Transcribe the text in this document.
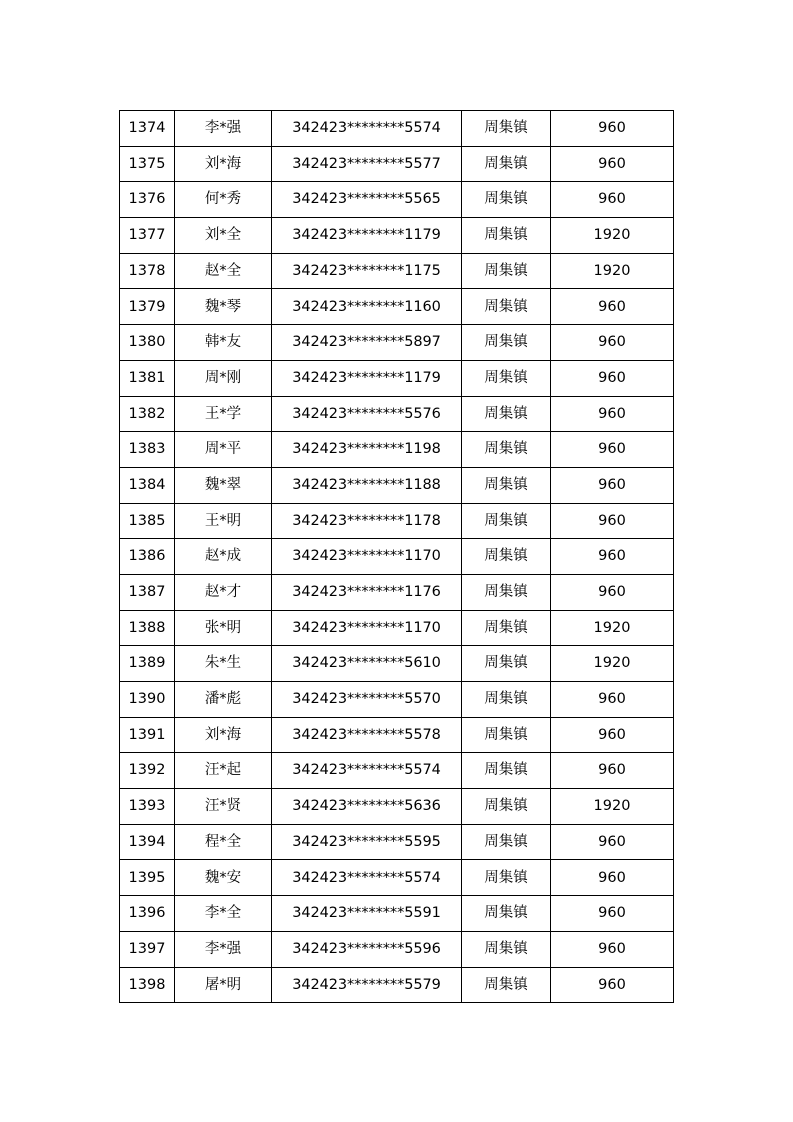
1374	李*强	342423********5574	周集镇	960
1375	刘*海	342423********5577	周集镇	960
1376	何*秀	342423********5565	周集镇	960
1377	刘*全	342423********1179	周集镇	1920
1378	赵*全	342423********1175	周集镇	1920
1379	魏*琴	342423********1160	周集镇	960
1380	韩*友	342423********5897	周集镇	960
1381	周*刚	342423********1179	周集镇	960
1382	王*学	342423********5576	周集镇	960
1383	周*平	342423********1198	周集镇	960
1384	魏*翠	342423********1188	周集镇	960
1385	王*明	342423********1178	周集镇	960
1386	赵*成	342423********1170	周集镇	960
1387	赵*才	342423********1176	周集镇	960
1388	张*明	342423********1170	周集镇	1920
1389	朱*生	342423********5610	周集镇	1920
1390	潘*彪	342423********5570	周集镇	960
1391	刘*海	342423********5578	周集镇	960
1392	汪*起	342423********5574	周集镇	960
1393	汪*贤	342423********5636	周集镇	1920
1394	程*全	342423********5595	周集镇	960
1395	魏*安	342423********5574	周集镇	960
1396	李*全	342423********5591	周集镇	960
1397	李*强	342423********5596	周集镇	960
1398	屠*明	342423********5579	周集镇	960
